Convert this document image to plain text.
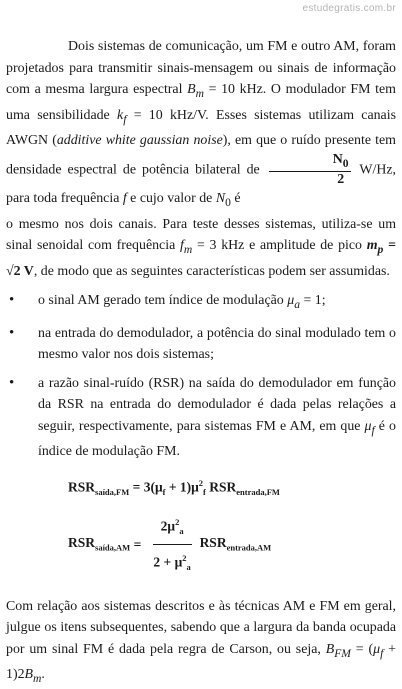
estudegratis.com.br

Dois sistemas de comunicação, um FM e outro AM, foram projetados para transmitir sinais-mensagem ou sinais de informação com a mesma largura espectral $B_m = 10$ kHz. O modulador FM tem uma sensibilidade $k_f = 10$ kHz/V. Esses sistemas utilizam canais AWGN (additive white gaussian noise), em que o ruído presente tem densidade espectral de potência bilateral de $\frac{N_0}{2} W/Hz$, para toda frequência f e cujo valor de $N_0$ é

o mesmo nos dois canais. Para teste desses sistemas, utiliza-se um sinal senoidal com frequência $f_m = 3$ kHz e amplitude de pico $m_p = √2$ V, de modo que as seguintes características podem ser assumidas.

• o sinal AM gerado tem índice de modulação $\mu_a = 1$;
• na entrada do demodulador, a potência do sinal modulado tem o mesmo valor nos dois sistemas;
• a razão sinal-ruído (RSR) na saída do demodulador em função da RSR na entrada do demodulador é dada pelas relações a seguir, respectivamente, para sistemas FM e AM, em que $\mu_f$ é o índice de modulação FM.
$RSR_{saída,FM} = 3(\mu_f + 1)\mu^2_f$ $RSR_{entrada,FM}$
$RSR_{saída,AM} = \frac{2\mu^2_a}{2 + \mu^2_a} RSR_{entrada,AM}$

Com relação aos sistemas descritos e às técnicas AM e FM em geral, julgue os itens subsequentes, sabendo que a largura da banda ocupada por um sinal FM é dada pela regra de Carson, ou seja, $B_{FM} = (\mu_f + 1)2B_m$.
